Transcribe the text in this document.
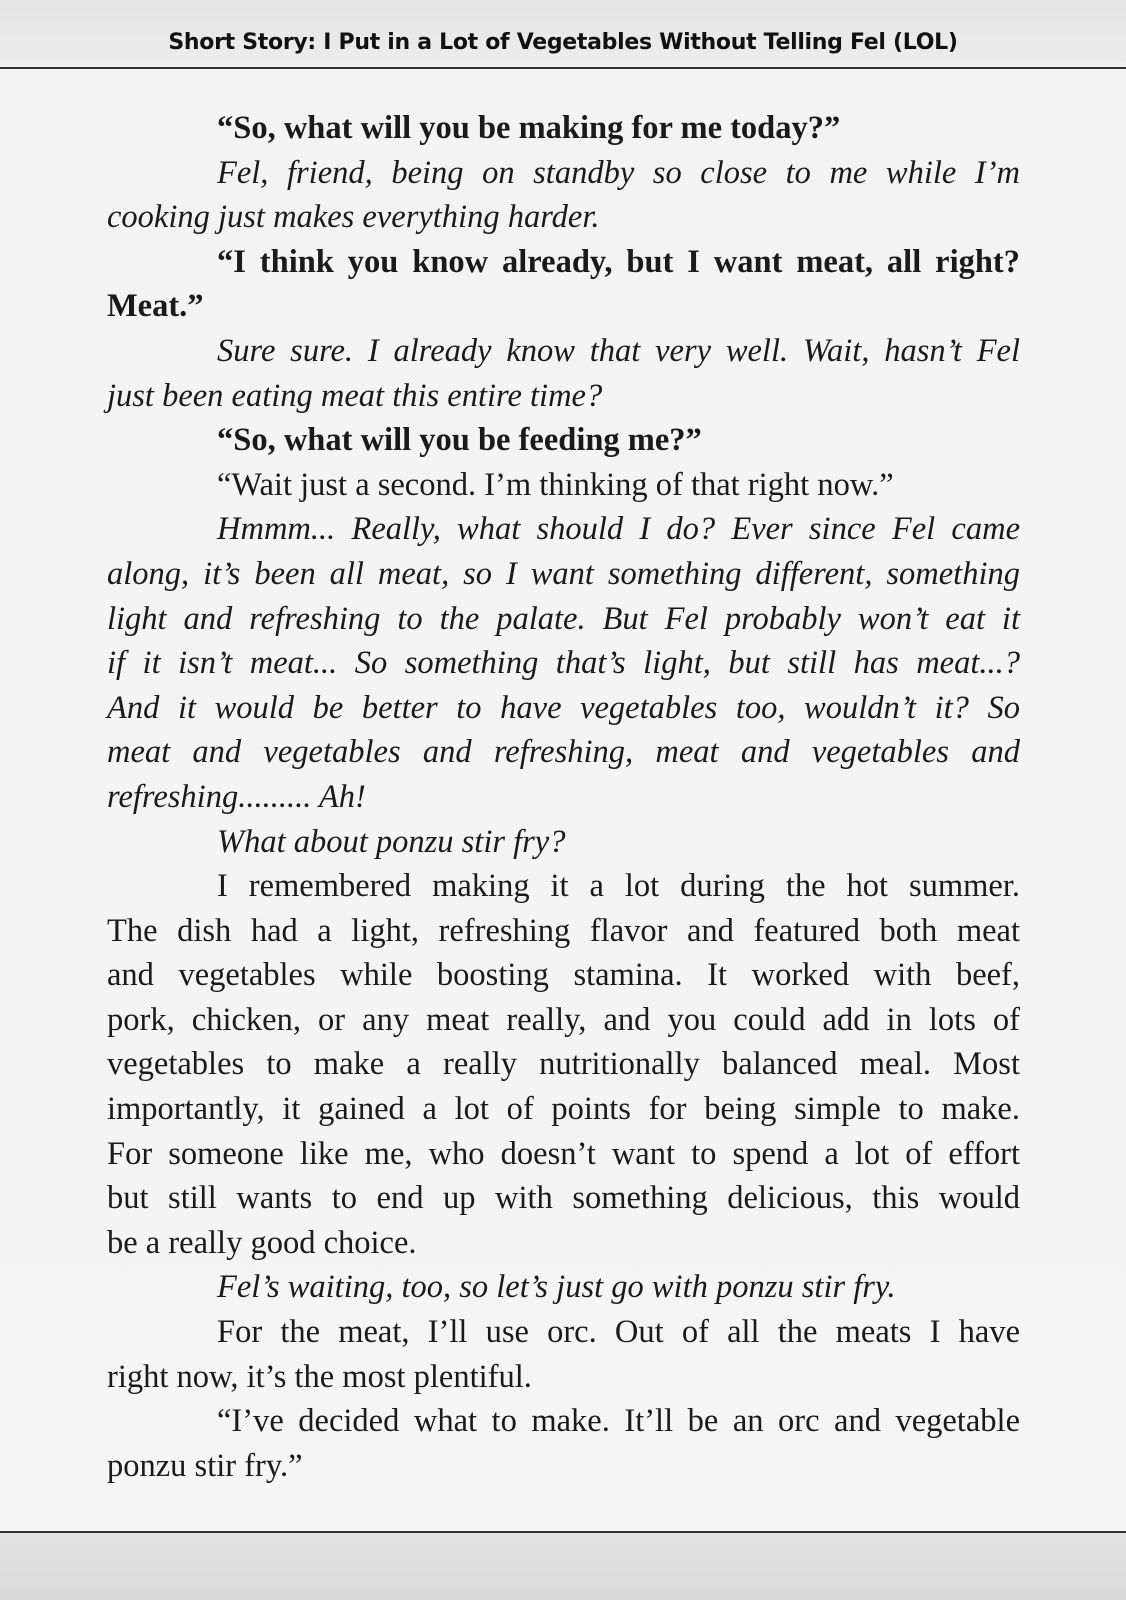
Short Story: I Put in a Lot of Vegetables Without Telling Fel (LOL)
“So, what will you be making for me today?”
Fel, friend, being on standby so close to me while I’m
cooking just makes everything harder.
“I think you know already, but I want meat, all right?
Meat.”
Sure sure. I already know that very well. Wait, hasn’t Fel
just been eating meat this entire time?
“So, what will you be feeding me?”
“Wait just a second. I’m thinking of that right now.”
Hmmm... Really, what should I do? Ever since Fel came
along, it’s been all meat, so I want something different, something
light and refreshing to the palate. But Fel probably won’t eat it
if it isn’t meat... So something that’s light, but still has meat...?
And it would be better to have vegetables too, wouldn’t it? So
meat and vegetables and refreshing, meat and vegetables and
refreshing......... Ah!
What about ponzu stir fry?
I remembered making it a lot during the hot summer.
The dish had a light, refreshing flavor and featured both meat
and vegetables while boosting stamina. It worked with beef,
pork, chicken, or any meat really, and you could add in lots of
vegetables to make a really nutritionally balanced meal. Most
importantly, it gained a lot of points for being simple to make.
For someone like me, who doesn’t want to spend a lot of effort
but still wants to end up with something delicious, this would
be a really good choice.
Fel’s waiting, too, so let’s just go with ponzu stir fry.
For the meat, I’ll use orc. Out of all the meats I have
right now, it’s the most plentiful.
“I’ve decided what to make. It’ll be an orc and vegetable
ponzu stir fry.”
